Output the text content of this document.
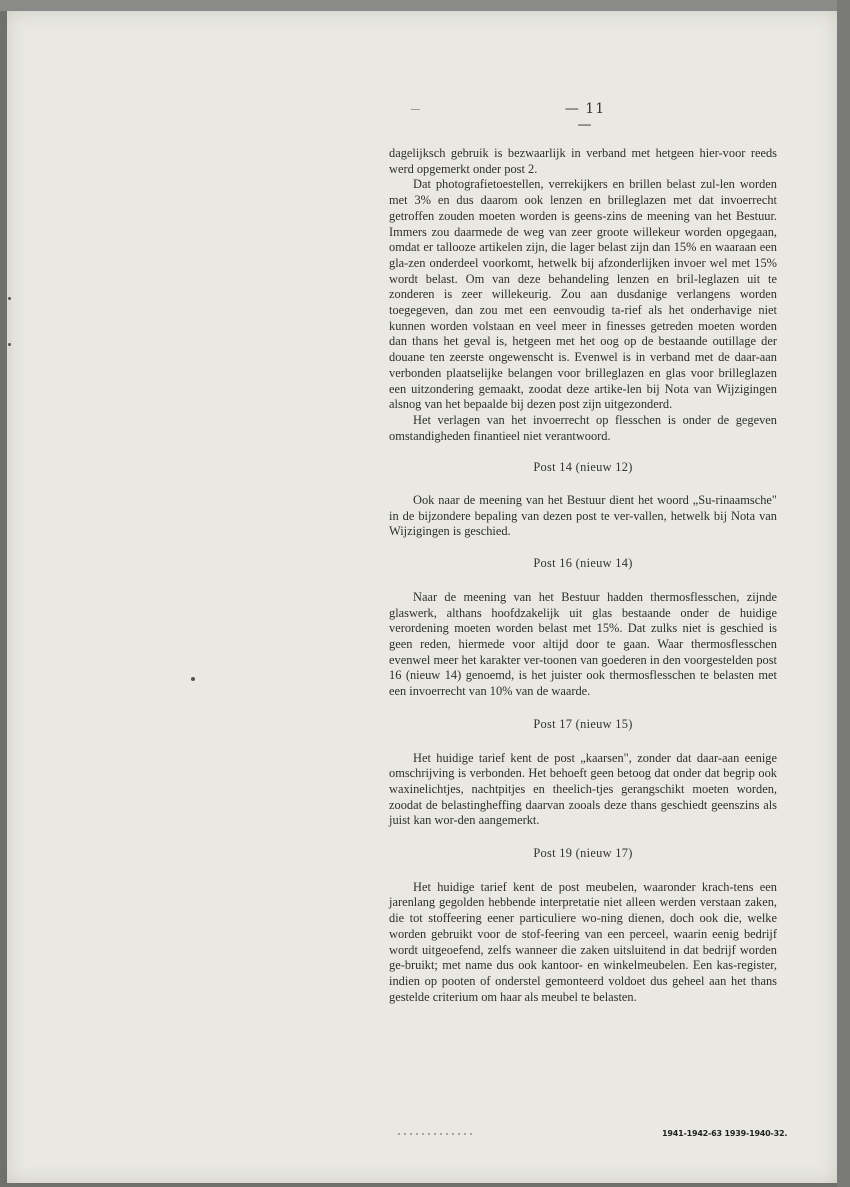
— 11 —

dagelijksch gebruik is bezwaarlijk in verband met hetgeen hier-voor reeds werd opgemerkt onder post 2.

Dat photografietoestellen, verrekijkers en brillen belast zul-len worden met 3% en dus daarom ook lenzen en brilleglazen met dat invoerrecht getroffen zouden moeten worden is geens-zins de meening van het Bestuur. Immers zou daarmede de weg van zeer groote willekeur worden opgegaan, omdat er tallooze artikelen zijn, die lager belast zijn dan 15% en waaraan een gla-zen onderdeel voorkomt, hetwelk bij afzonderlijken invoer wel met 15% wordt belast. Om van deze behandeling lenzen en bril-leglazen uit te zonderen is zeer willekeurig. Zou aan dusdanige verlangens worden toegegeven, dan zou met een eenvoudig ta-rief als het onderhavige niet kunnen worden volstaan en veel meer in finesses getreden moeten worden dan thans het geval is, hetgeen met het oog op de bestaande outillage der douane ten zeerste ongewenscht is. Evenwel is in verband met de daar-aan verbonden plaatselijke belangen voor brilleglazen en glas voor brilleglazen een uitzondering gemaakt, zoodat deze artike-len bij Nota van Wijzigingen alsnog van het bepaalde bij dezen post zijn uitgezonderd.

Het verlagen van het invoerrecht op flesschen is onder de gegeven omstandigheden finantieel niet verantwoord.

Post 14 (nieuw 12)

Ook naar de meening van het Bestuur dient het woord „Su-rinaamsche" in de bijzondere bepaling van dezen post te ver-vallen, hetwelk bij Nota van Wijzigingen is geschied.

Post 16 (nieuw 14)

Naar de meening van het Bestuur hadden thermosflesschen, zijnde glaswerk, althans hoofdzakelijk uit glas bestaande onder de huidige verordening moeten worden belast met 15%. Dat zulks niet is geschied is geen reden, hiermede voor altijd door te gaan. Waar thermosflesschen evenwel meer het karakter ver-toonen van goederen in den voorgestelden post 16 (nieuw 14) genoemd, is het juister ook thermosflesschen te belasten met een invoerrecht van 10% van de waarde.

Post 17 (nieuw 15)

Het huidige tarief kent de post „kaarsen", zonder dat daar-aan eenige omschrijving is verbonden. Het behoeft geen betoog dat onder dat begrip ook waxinelichtjes, nachtpitjes en theelich-tjes gerangschikt moeten worden, zoodat de belastingheffing daarvan zooals deze thans geschiedt geenszins als juist kan wor-den aangemerkt.

Post 19 (nieuw 17)

Het huidige tarief kent de post meubelen, waaronder krach-tens een jarenlang gegolden hebbende interpretatie niet alleen werden verstaan zaken, die tot stoffeering eener particuliere wo-ning dienen, doch ook die, welke worden gebruikt voor de stof-feering van een perceel, waarin eenig bedrijf wordt uitgeoefend, zelfs wanneer die zaken uitsluitend in dat bedrijf worden ge-bruikt; met name dus ook kantoor- en winkelmeubelen. Een kas-register, indien op pooten of onderstel gemonteerd voldoet dus geheel aan het thans gestelde criterium om haar als meubel te belasten.

1941-1942-63 1939-1940-32.
